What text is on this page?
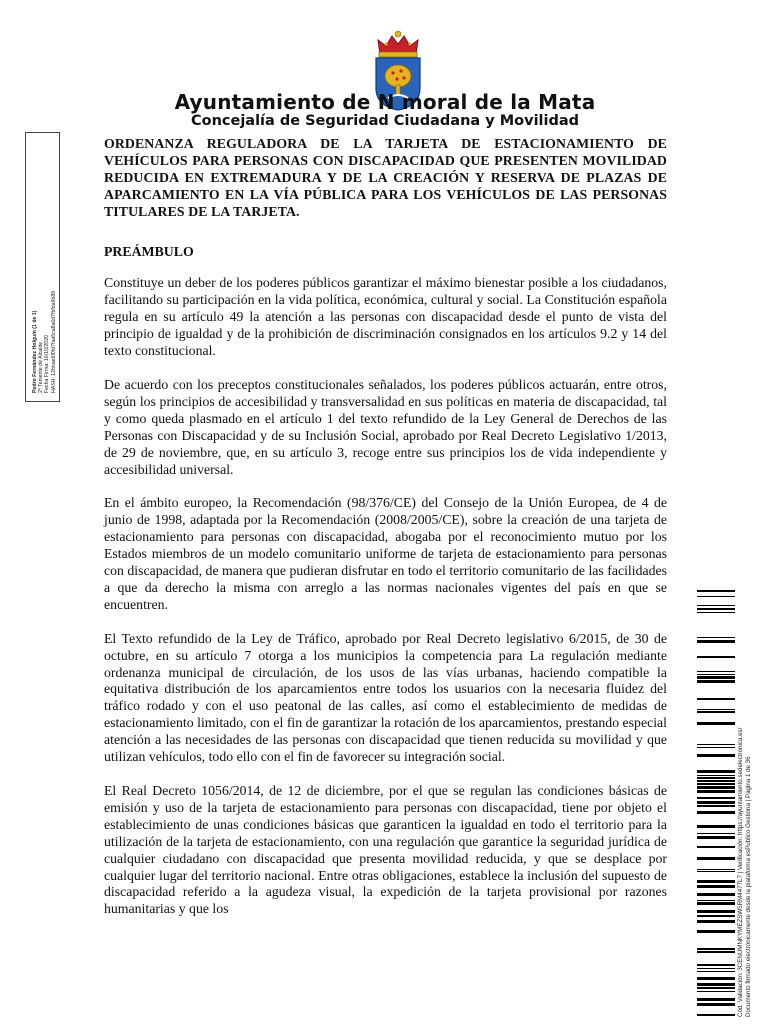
Ayuntamiento de N moral de la Mata
Concejalía de Seguridad Ciudadana y Movilidad
Pedro Fernández Holguín (1 de 1) 2º Teniente de Alcalde Fecha Firma: 16/10/2020 HASH: 12bbae6f0fd7faa5ca8a6d7fbfda9b89

ORDENANZA REGULADORA DE LA TARJETA DE ESTACIONAMIENTO DE VEHÍCULOS PARA PERSONAS CON DISCAPACIDAD QUE PRESENTEN MOVILIDAD REDUCIDA EN EXTREMADURA Y DE LA CREACIÓN Y RESERVA DE PLAZAS DE APARCAMIENTO EN LA VÍA PÚBLICA PARA LOS VEHÍCULOS DE LAS PERSONAS TITULARES DE LA TARJETA.

PREÁMBULO

Constituye un deber de los poderes públicos garantizar el máximo bienestar posible a los ciudadanos, facilitando su participación en la vida política, económica, cultural y social. La Constitución española regula en su artículo 49 la atención a las personas con discapacidad desde el punto de vista del principio de igualdad y de la prohibición de discriminación consignados en los artículos 9.2 y 14 del texto constitucional.

De acuerdo con los preceptos constitucionales señalados, los poderes públicos actuarán, entre otros, según los principios de accesibilidad y transversalidad en sus políticas en materia de discapacidad, tal y como queda plasmado en el artículo 1 del texto refundido de la Ley General de Derechos de las Personas con Discapacidad y de su Inclusión Social, aprobado por Real Decreto Legislativo 1/2013, de 29 de noviembre, que, en su artículo 3, recoge entre sus principios los de vida independiente y accesibilidad universal.

En el ámbito europeo, la Recomendación (98/376/CE) del Consejo de la Unión Europea, de 4 de junio de 1998, adaptada por la Recomendación (2008/2005/CE), sobre la creación de una tarjeta de estacionamiento para personas con discapacidad, abogaba por el reconocimiento mutuo por los Estados miembros de un modelo comunitario uniforme de tarjeta de estacionamiento para personas con discapacidad, de manera que pudieran disfrutar en todo el territorio comunitario de las facilidades a que da derecho la misma con arreglo a las normas nacionales vigentes del país en que se encuentren.

El Texto refundido de la Ley de Tráfico, aprobado por Real Decreto legislativo 6/2015, de 30 de octubre, en su artículo 7 otorga a los municipios la competencia para La regulación mediante ordenanza municipal de circulación, de los usos de las vías urbanas, haciendo compatible la equitativa distribución de los aparcamientos entre todos los usuarios con la necesaria fluidez del tráfico rodado y con el uso peatonal de las calles, así como el establecimiento de medidas de estacionamiento limitado, con el fin de garantizar la rotación de los aparcamientos, prestando especial atención a las necesidades de las personas con discapacidad que tienen reducida su movilidad y que utilizan vehículos, todo ello con el fin de favorecer su integración social.

El Real Decreto 1056/2014, de 12 de diciembre, por el que se regulan las condiciones básicas de emisión y uso de la tarjeta de estacionamiento para personas con discapacidad, tiene por objeto el establecimiento de unas condiciones básicas que garanticen la igualdad en todo el territorio para la utilización de la tarjeta de estacionamiento, con una regulación que garantice la seguridad jurídica de cualquier ciudadano con discapacidad que presenta movilidad reducida, y que se desplace por cualquier lugar del territorio nacional. Entre otras obligaciones, establece la inclusión del supuesto de discapacidad referido a la agudeza visual, la expedición de la tarjeta provisional por razones humanitarias y que los	Cód. Validación: 3CENUMNKYMEZSW5RM4477L7 | Verificación: https://ayuntamiento.sedelectronica.es/ Documento firmado electrónicamente desde la plataforma esPublico Gestiona | Página 1 de 36
